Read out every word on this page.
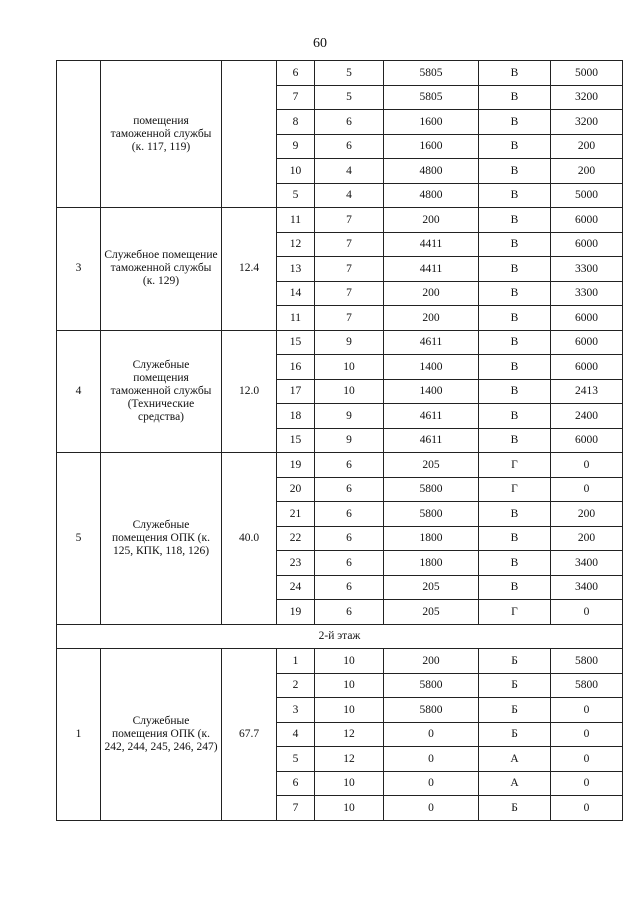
60
	помещения таможенной службы (к. 117, 119)		6	5	5805	В	5000
			7	5	5805	В	3200
			8	6	1600	В	3200
			9	6	1600	В	200
			10	4	4800	В	200
			5	4	4800	В	5000
3	Служебное помещение таможенной службы (к. 129)	12.4	11	7	200	В	6000
			12	7	4411	В	6000
			13	7	4411	В	3300
			14	7	200	В	3300
			11	7	200	В	6000
4	Служебные помещения таможенной службы (Технические средства)	12.0	15	9	4611	В	6000
			16	10	1400	В	6000
			17	10	1400	В	2413
			18	9	4611	В	2400
			15	9	4611	В	6000
5	Служебные помещения ОПК (к. 125, КПК, 118, 126)	40.0	19	6	205	Г	0
			20	6	5800	Г	0
			21	6	5800	В	200
			22	6	1800	В	200
			23	6	1800	В	3400
			24	6	205	В	3400
			19	6	205	Г	0
2-й этаж							
1	Служебные помещения ОПК (к. 242, 244, 245, 246, 247)	67.7	1	10	200	Б	5800
			2	10	5800	Б	5800
			3	10	5800	Б	0
			4	12	0	Б	0
			5	12	0	А	0
			6	10	0	А	0
			7	10	0	Б	0
